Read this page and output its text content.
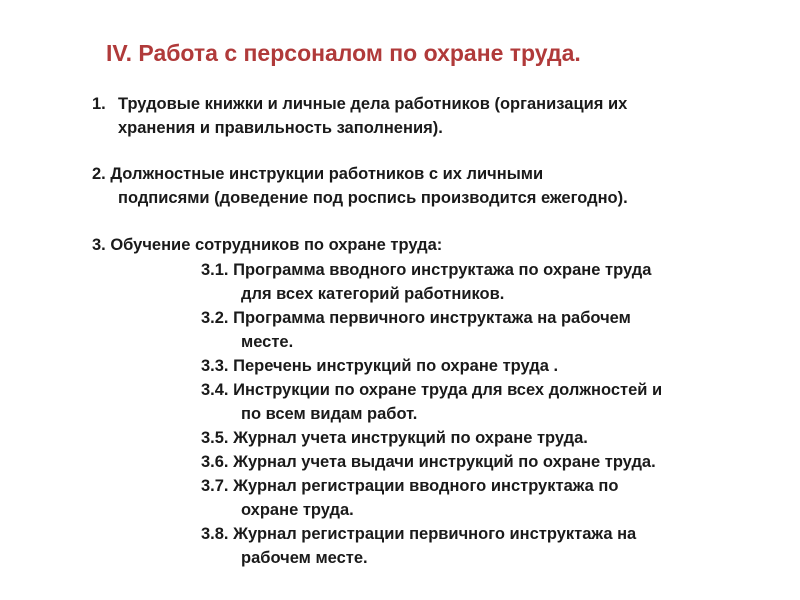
IV. Работа с персоналом по охране труда.

1. Трудовые книжки и личные дела работников (организация их

хранения и правильность заполнения).

2. Должностные инструкции работников с их личными

подписями (доведение под роспись производится ежегодно).

3. Обучение сотрудников по охране труда:

3.1. Программа вводного инструктажа по охране труда

для всех категорий работников.

3.2. Программа первичного инструктажа на рабочем

месте.

3.3. Перечень инструкций по охране труда .

3.4. Инструкции по охране труда для всех должностей и

по всем видам работ.

3.5. Журнал учета инструкций по охране труда.

3.6. Журнал учета выдачи инструкций по охране труда.

3.7. Журнал регистрации вводного инструктажа по

охране труда.

3.8. Журнал регистрации первичного инструктажа на

рабочем месте.
